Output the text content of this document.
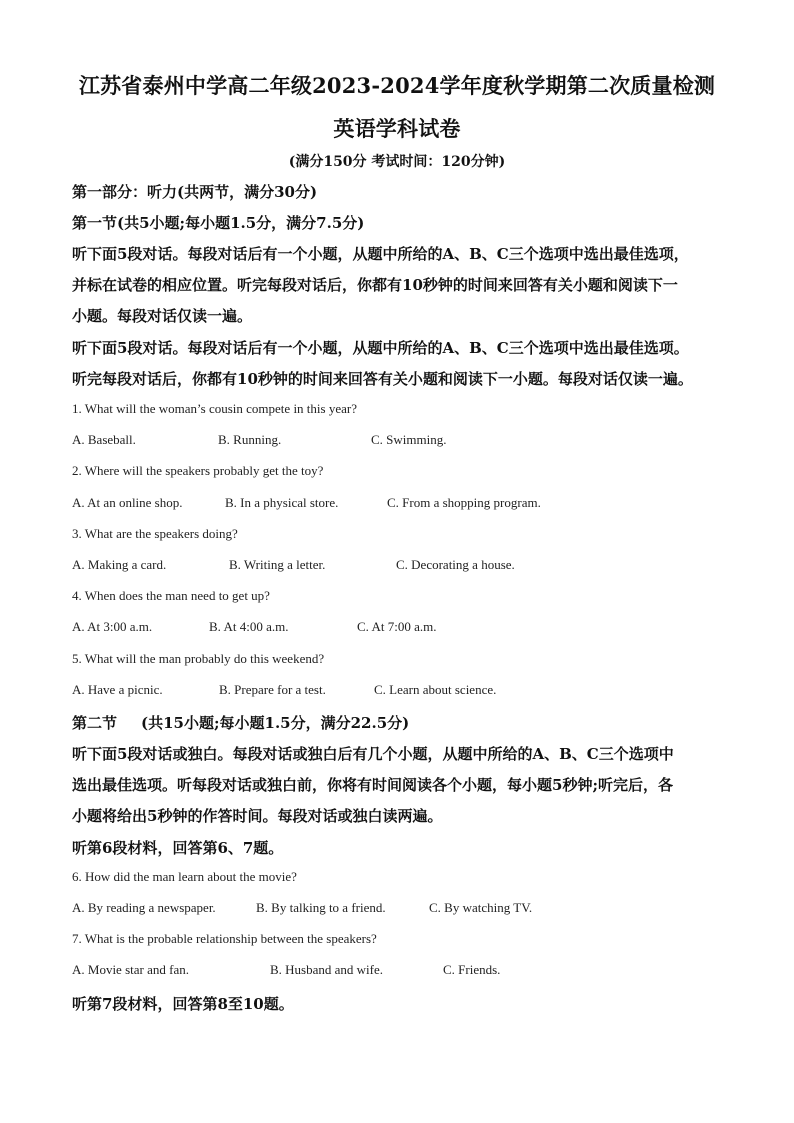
江苏省泰州中学高二年级2023-2024学年度秋学期第二次质量检测
英语学科试卷
(满分150分 考试时间：120分钟)
第一部分：听力(共两节，满分30分)
第一节(共5小题;每小题1.5分，满分7.5分)
听下面5段对话。每段对话后有一个小题，从题中所给的A、B、C三个选项中选出最佳选项，
并标在试卷的相应位置。听完每段对话后，你都有10秒钟的时间来回答有关小题和阅读下一
小题。每段对话仅读一遍。
听下面5段对话。每段对话后有一个小题，从题中所给的A、B、C三个选项中选出最佳选项。
听完每段对话后，你都有10秒钟的时间来回答有关小题和阅读下一小题。每段对话仅读一遍。
1. What will the woman’s cousin compete in this year?
A. Baseball.	B. Running.	C. Swimming.
2. Where will the speakers probably get the toy?
A. At an online shop.	B. In a physical store.	C. From a shopping program.
3. What are the speakers doing?
A. Making a card.	B. Writing a letter.	C. Decorating a house.
4. When does the man need to get up?
A. At 3:00 a.m.	B. At 4:00 a.m.	C. At 7:00 a.m.
5. What will the man probably do this weekend?
A. Have a picnic.	B. Prepare for a test.	C. Learn about science.
第二节 (共15小题;每小题1.5分，满分22.5分)
听下面5段对话或独白。每段对话或独白后有几个小题，从题中所给的A、B、C三个选项中
选出最佳选项。听每段对话或独白前，你将有时间阅读各个小题，每小题5秒钟;听完后，各
小题将给出5秒钟的作答时间。每段对话或独白读两遍。
听第6段材料，回答第6、7题。
6. How did the man learn about the movie?
A. By reading a newspaper.	B. By talking to a friend.	C. By watching TV.
7. What is the probable relationship between the speakers?
A. Movie star and fan.	B. Husband and wife.	C. Friends.
听第7段材料，回答第8至10题。
